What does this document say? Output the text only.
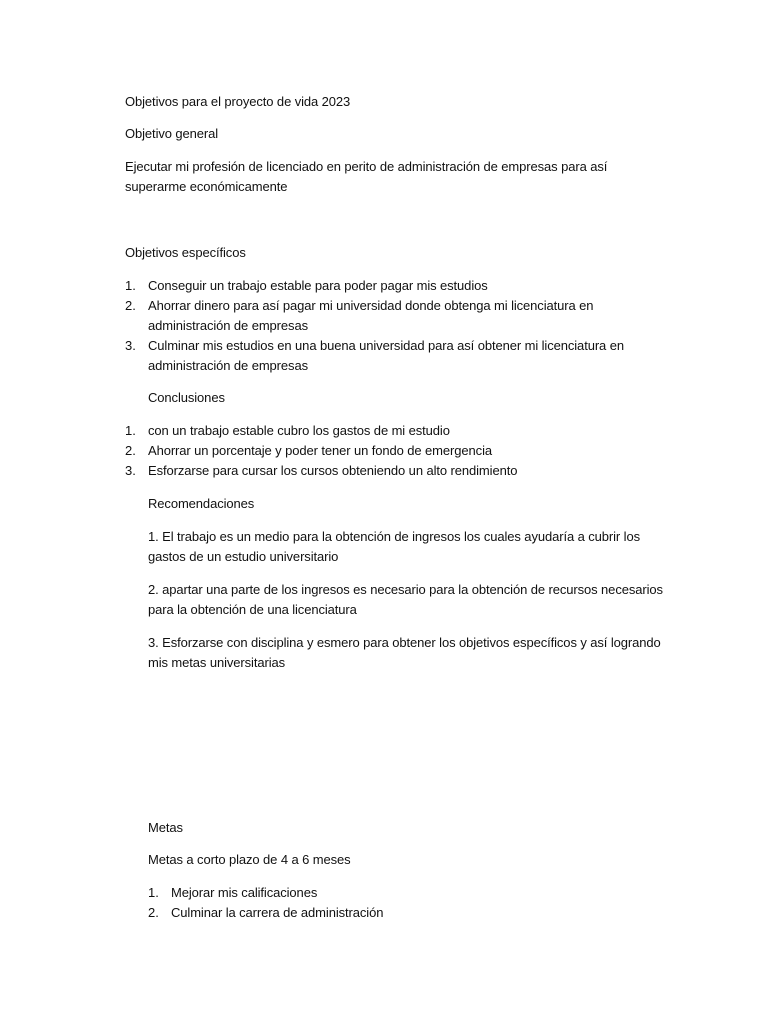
Objetivos para el proyecto de vida 2023
Objetivo general
Ejecutar mi profesión de licenciado en perito de administración de empresas para así
superarme económicamente
Objetivos específicos
1. Conseguir un trabajo estable para poder pagar mis estudios
2. Ahorrar dinero para así pagar mi universidad donde obtenga mi licenciatura en
administración de empresas
3. Culminar mis estudios en una buena universidad para así obtener mi licenciatura en
administración de empresas
Conclusiones
1. con un trabajo estable cubro los gastos de mi estudio
2. Ahorrar un porcentaje y poder tener un fondo de emergencia
3. Esforzarse para cursar los cursos obteniendo un alto rendimiento
Recomendaciones
1. El trabajo es un medio para la obtención de ingresos los cuales ayudaría a cubrir los
gastos de un estudio universitario
2. apartar una parte de los ingresos es necesario para la obtención de recursos necesarios
para la obtención de una licenciatura
3. Esforzarse con disciplina y esmero para obtener los objetivos específicos y así logrando
mis metas universitarias
Metas
Metas a corto plazo de 4 a 6 meses
1. Mejorar mis calificaciones
2. Culminar la carrera de administración
